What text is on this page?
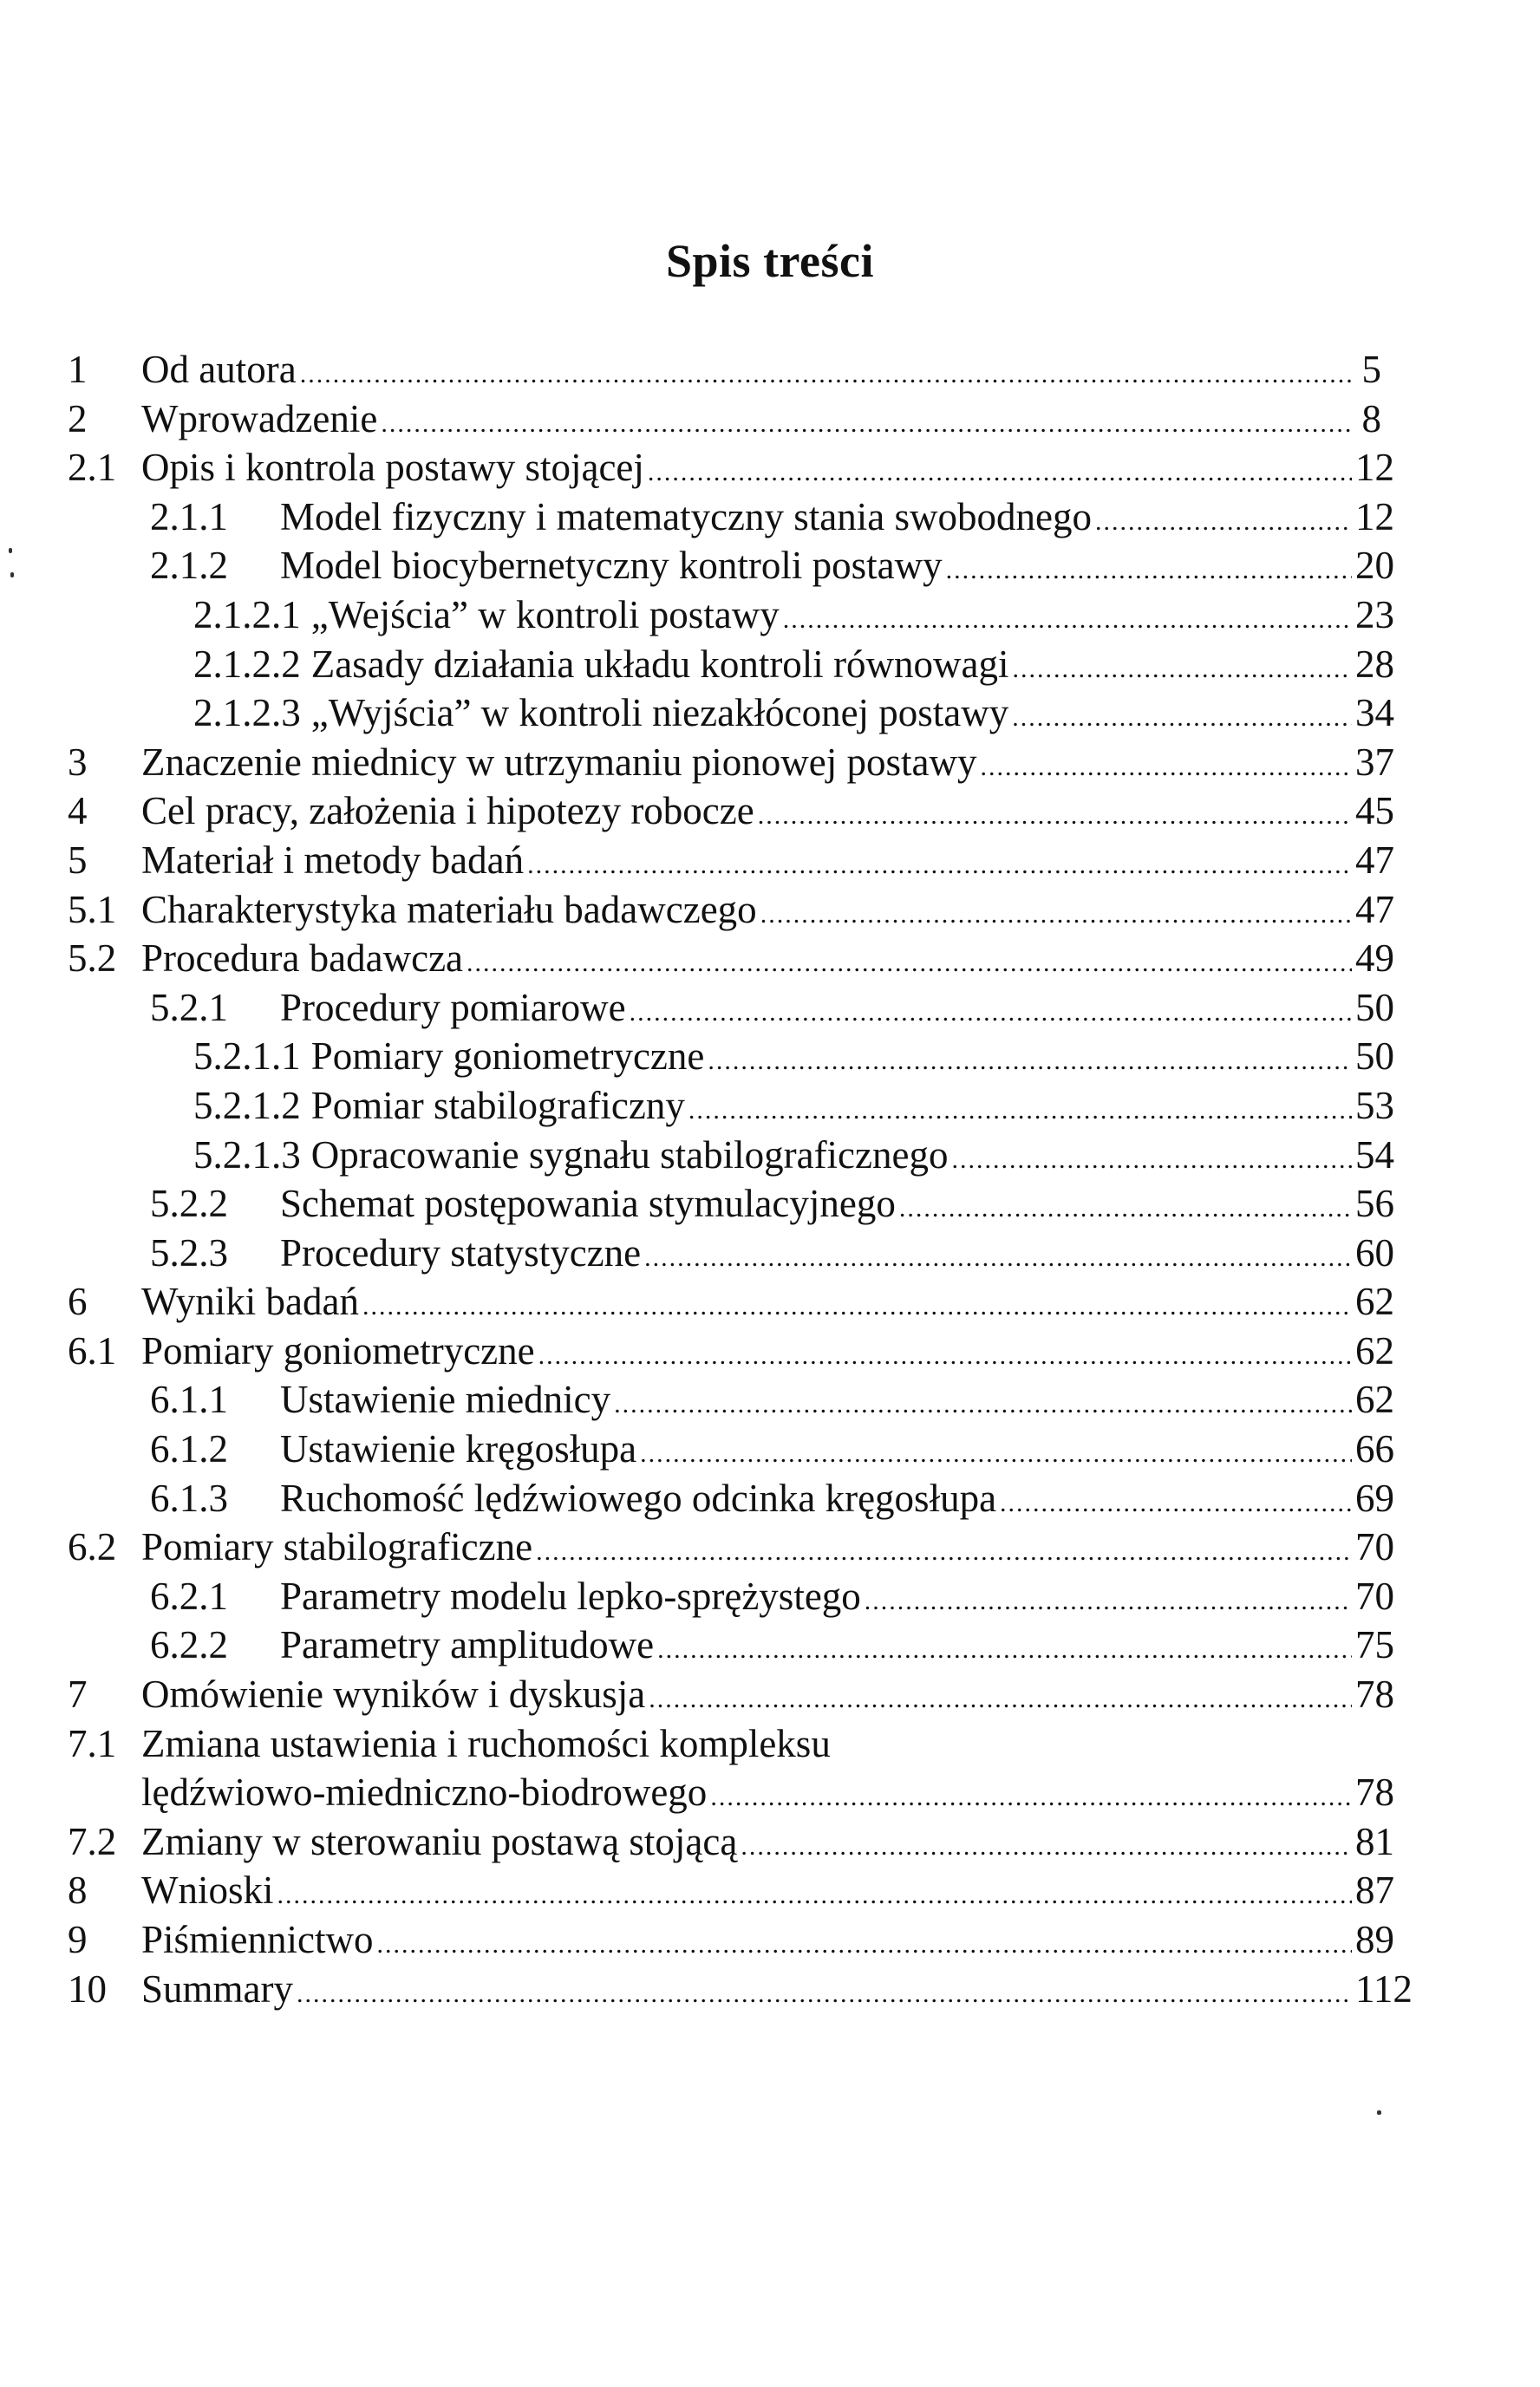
Spis treści
1 Od autora .....	5
2 Wprowadzenie .....	8
2.1 Opis i kontrola postawy stojącej .....	12
2.1.1 Model fizyczny i matematyczny stania swobodnego .....	12
2.1.2 Model biocybernetyczny kontroli postawy .....	20
2.1.2.1 „Wejścia” w kontroli postawy .....	23
2.1.2.2 Zasady działania układu kontroli równowagi .....	28
2.1.2.3 „Wyjścia” w kontroli niezakłóconej postawy .....	34
3 Znaczenie miednicy w utrzymaniu pionowej postawy .....	37
4 Cel pracy, założenia i hipotezy robocze .....	45
5 Materiał i metody badań .....	47
5.1 Charakterystyka materiału badawczego .....	47
5.2 Procedura badawcza .....	49
5.2.1 Procedury pomiarowe .....	50
5.2.1.1 Pomiary goniometryczne .....	50
5.2.1.2 Pomiar stabilograficzny .....	53
5.2.1.3 Opracowanie sygnału stabilograficznego .....	54
5.2.2 Schemat postępowania stymulacyjnego .....	56
5.2.3 Procedury statystyczne .....	60
6 Wyniki badań .....	62
6.1 Pomiary goniometryczne .....	62
6.1.1 Ustawienie miednicy .....	62
6.1.2 Ustawienie kręgosłupa .....	66
6.1.3 Ruchomość lędźwiowego odcinka kręgosłupa .....	69
6.2 Pomiary stabilograficzne .....	70
6.2.1 Parametry modelu lepko-sprężystego .....	70
6.2.2 Parametry amplitudowe .....	75
7 Omówienie wyników i dyskusja .....	78
7.1 Zmiana ustawienia i ruchomości kompleksu
lędźwiowo-miedniczno-biodrowego .....	78
7.2 Zmiany w sterowaniu postawą stojącą .....	81
8 Wnioski .....	87
9 Piśmiennictwo .....	89
10 Summary .....	112
